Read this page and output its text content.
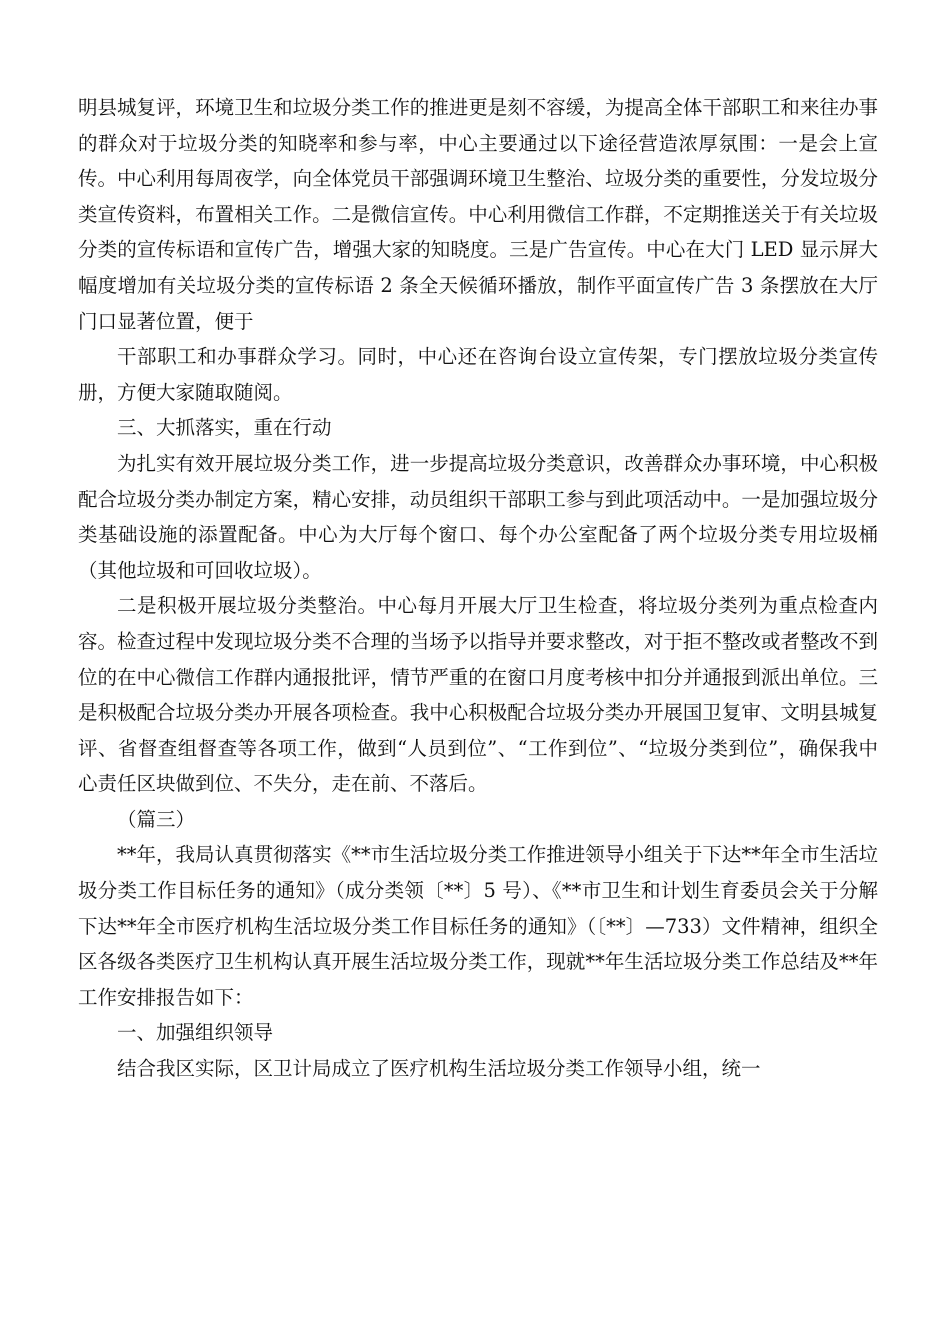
明县城复评，环境卫生和垃圾分类工作的推进更是刻不容缓，为提高全体干部职工和来往办事的群众对于垃圾分类的知晓率和参与率，中心主要通过以下途径营造浓厚氛围：一是会上宣传。中心利用每周夜学，向全体党员干部强调环境卫生整治、垃圾分类的重要性，分发垃圾分类宣传资料，布置相关工作。二是微信宣传。中心利用微信工作群，不定期推送关于有关垃圾分类的宣传标语和宣传广告，增强大家的知晓度。三是广告宣传。中心在大门 LED 显示屏大幅度增加有关垃圾分类的宣传标语 2 条全天候循环播放，制作平面宣传广告 3 条摆放在大厅门口显著位置，便于

干部职工和办事群众学习。同时，中心还在咨询台设立宣传架，专门摆放垃圾分类宣传册，方便大家随取随阅。

三、大抓落实，重在行动

为扎实有效开展垃圾分类工作，进一步提高垃圾分类意识，改善群众办事环境，中心积极配合垃圾分类办制定方案，精心安排，动员组织干部职工参与到此项活动中。一是加强垃圾分类基础设施的添置配备。中心为大厅每个窗口、每个办公室配备了两个垃圾分类专用垃圾桶（其他垃圾和可回收垃圾）。

二是积极开展垃圾分类整治。中心每月开展大厅卫生检查，将垃圾分类列为重点检查内容。检查过程中发现垃圾分类不合理的当场予以指导并要求整改，对于拒不整改或者整改不到位的在中心微信工作群内通报批评，情节严重的在窗口月度考核中扣分并通报到派出单位。三是积极配合垃圾分类办开展各项检查。我中心积极配合垃圾分类办开展国卫复审、文明县城复评、省督查组督查等各项工作，做到“人员到位”、“工作到位”、“垃圾分类到位”，确保我中心责任区块做到位、不失分，走在前、不落后。

（篇三）

**年，我局认真贯彻落实《**市生活垃圾分类工作推进领导小组关于下达**年全市生活垃圾分类工作目标任务的通知》（成分类领〔**〕5 号）、《**市卫生和计划生育委员会关于分解下达**年全市医疗机构生活垃圾分类工作目标任务的通知》（〔**〕—733）文件精神，组织全区各级各类医疗卫生机构认真开展生活垃圾分类工作，现就**年生活垃圾分类工作总结及**年工作安排报告如下：

一、加强组织领导

结合我区实际，区卫计局成立了医疗机构生活垃圾分类工作领导小组，统一
